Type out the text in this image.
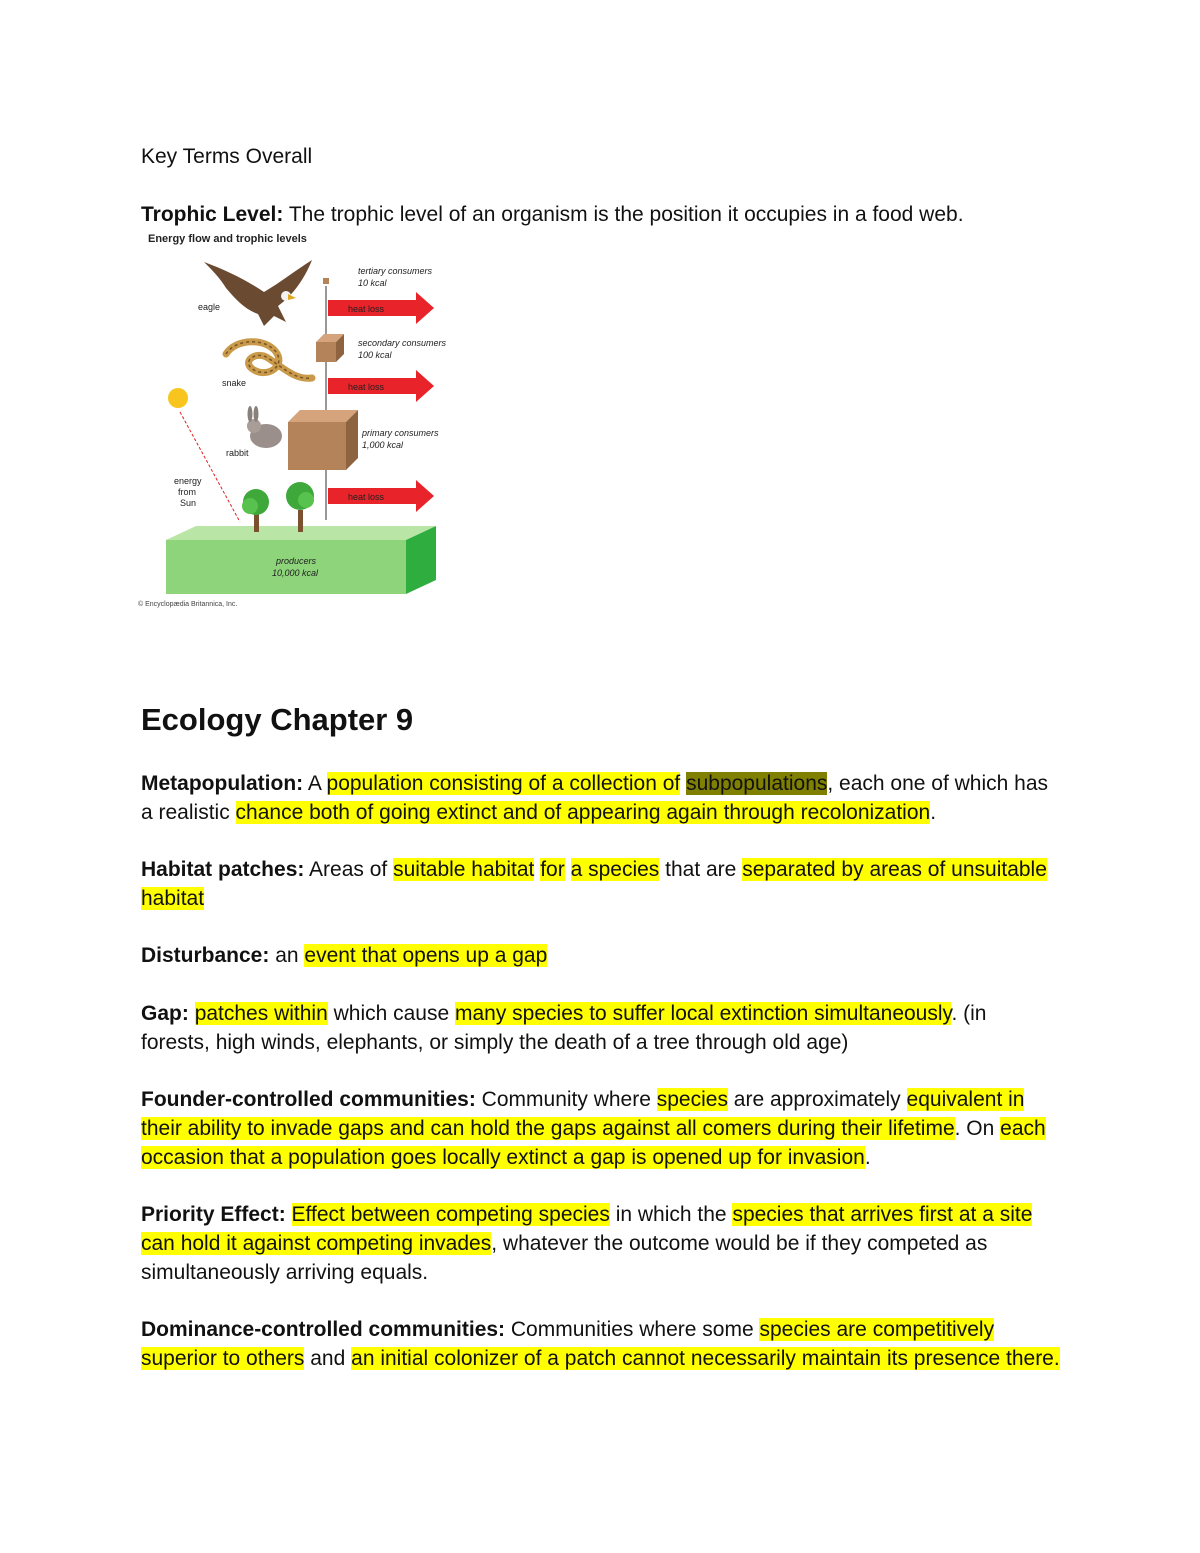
Key Terms Overall

Trophic Level: The trophic level of an organism is the position it occupies in a food web.

Energy flow and trophic levels
producers
10,000 kcal
energy
from
Sun
heat loss
heat loss
heat loss
tertiary consumers
10 kcal
secondary consumers
100 kcal
primary consumers
1,000 kcal
eagle
snake
rabbit
© Encyclopædia Britannica, Inc.
Ecology Chapter 9

Metapopulation: A population consisting of a collection of subpopulations, each one of which has a realistic chance both of going extinct and of appearing again through recolonization.

Habitat patches: Areas of suitable habitat for a species that are separated by areas of unsuitable habitat

Disturbance: an event that opens up a gap

Gap: patches within which cause many species to suffer local extinction simultaneously. (in forests, high winds, elephants, or simply the death of a tree through old age)

Founder-controlled communities: Community where species are approximately equivalent in their ability to invade gaps and can hold the gaps against all comers during their lifetime. On each occasion that a population goes locally extinct a gap is opened up for invasion.

Priority Effect: Effect between competing species in which the species that arrives first at a site can hold it against competing invades, whatever the outcome would be if they competed as simultaneously arriving equals.

Dominance-controlled communities: Communities where some species are competitively superior to others and an initial colonizer of a patch cannot necessarily maintain its presence there.
